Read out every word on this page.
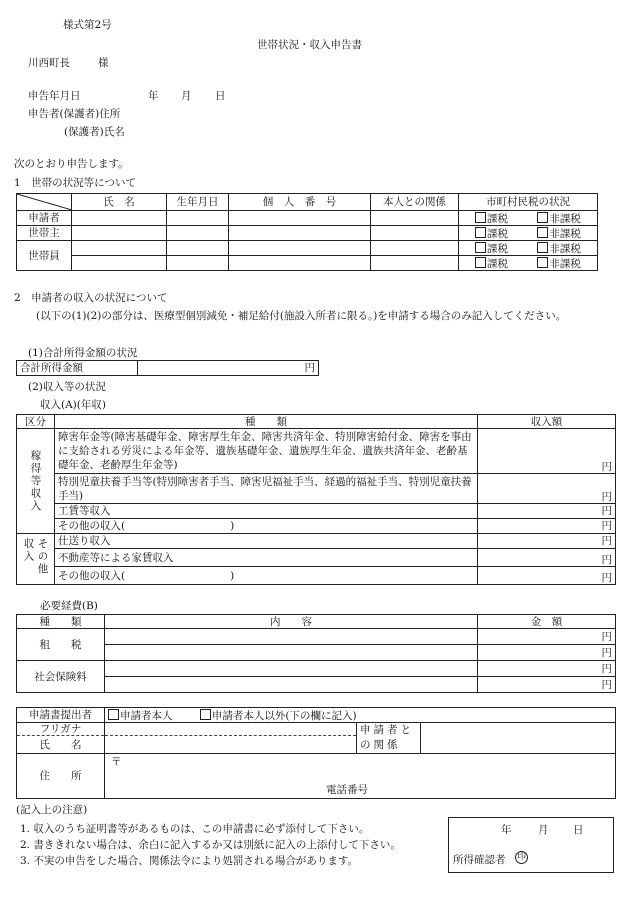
様式第2号
世帯状況・収入申告書
川西町長	様
申告年月日	年 月 日
申告者(保護者)住所
(保護者)氏名
次のとおり申告します。
1　世帯の状況等について
	氏　名	生年月日	個　人　番　号	本人との関係	市町村民税の状況
申請者					課税 非課税
世帯主					課税 非課税
世帯員					課税 非課税
					課税 非課税
2　申請者の収入の状況について
(以下の(1)(2)の部分は、医療型個別減免・補足給付(施設入所者に限る。)を申請する場合のみ記入してください。
(1)合計所得金額の状況
合計所得金額	円
(2)収入等の状況
収入(A)(年収)
区分	種　　類	収入額

稼得等収入	障害年金等(障害基礎年金、障害厚生年金、障害共済年金、特別障害給付金、障害を事由に支給される労災による年金等、遺族基礎年金、遺族厚生年金、遺族共済年金、老齢基礎年金、老齢厚生年金等)	円
	特別児童扶養手当等(特別障害者手当、障害児福祉手当、経過的福祉手当、特別児童扶養手当)	円
	工賃等収入	円
	その他の収入(　　　　　　　　　　)	円

収入 その他	仕送り収入	円
	不動産等による家賃収入	円
	その他の収入(　　　　　　　　　　)	円
必要経費(B)
種　　類	内　　容	金　額
租　　税		円
		円
社会保険料		円
		円
申請書提出者	申請者本人 申請者本人以外(下の欄に記入)		
フリガナ		申請者との関係	
氏　　名			
住　　所	〒
電話番号		
(記入上の注意)
1. 収入のうち証明書等があるものは、この申請書に必ず添付して下さい。
2. 書ききれない場合は、余白に記入するか又は別紙に記入の上添付して下さい。
3. 不実の申告をした場合、関係法令により処罰される場合があります。
年	月 日
所得確認者 印
